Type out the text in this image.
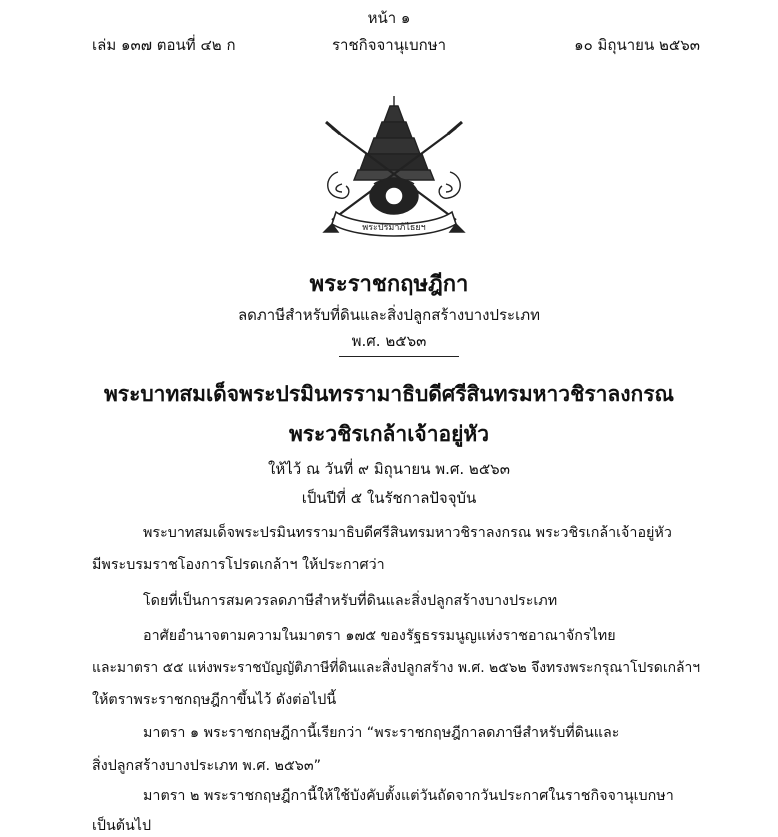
หน้า ๑
เล่ม ๑๓๗ ตอนที่ ๔๒ ก	ราชกิจจานุเบกษา	๑๐ มิถุนายน ๒๕๖๓
พระปรมาภิไธยฯ
พระราชกฤษฎีกา
ลดภาษีสำหรับที่ดินและสิ่งปลูกสร้างบางประเภท
พ.ศ. ๒๕๖๓
พระบาทสมเด็จพระปรมินทรรามาธิบดีศรีสินทรมหาวชิราลงกรณ
พระวชิรเกล้าเจ้าอยู่หัว
ให้ไว้ ณ วันที่ ๙ มิถุนายน พ.ศ. ๒๕๖๓
เป็นปีที่ ๕ ในรัชกาลปัจจุบัน
พระบาทสมเด็จพระปรมินทรรามาธิบดีศรีสินทรมหาวชิราลงกรณ พระวชิรเกล้าเจ้าอยู่หัว
มีพระบรมราชโองการโปรดเกล้าฯ ให้ประกาศว่า
โดยที่เป็นการสมควรลดภาษีสำหรับที่ดินและสิ่งปลูกสร้างบางประเภท
อาศัยอำนาจตามความในมาตรา ๑๗๕ ของรัฐธรรมนูญแห่งราชอาณาจักรไทย
และมาตรา ๕๕ แห่งพระราชบัญญัติภาษีที่ดินและสิ่งปลูกสร้าง พ.ศ. ๒๕๖๒ จึงทรงพระกรุณาโปรดเกล้าฯ
ให้ตราพระราชกฤษฎีกาขึ้นไว้ ดังต่อไปนี้
มาตรา ๑ พระราชกฤษฎีกานี้เรียกว่า “พระราชกฤษฎีกาลดภาษีสำหรับที่ดินและ
สิ่งปลูกสร้างบางประเภท พ.ศ. ๒๕๖๓”
มาตรา ๒ พระราชกฤษฎีกานี้ให้ใช้บังคับตั้งแต่วันถัดจากวันประกาศในราชกิจจานุเบกษา
เป็นต้นไป
